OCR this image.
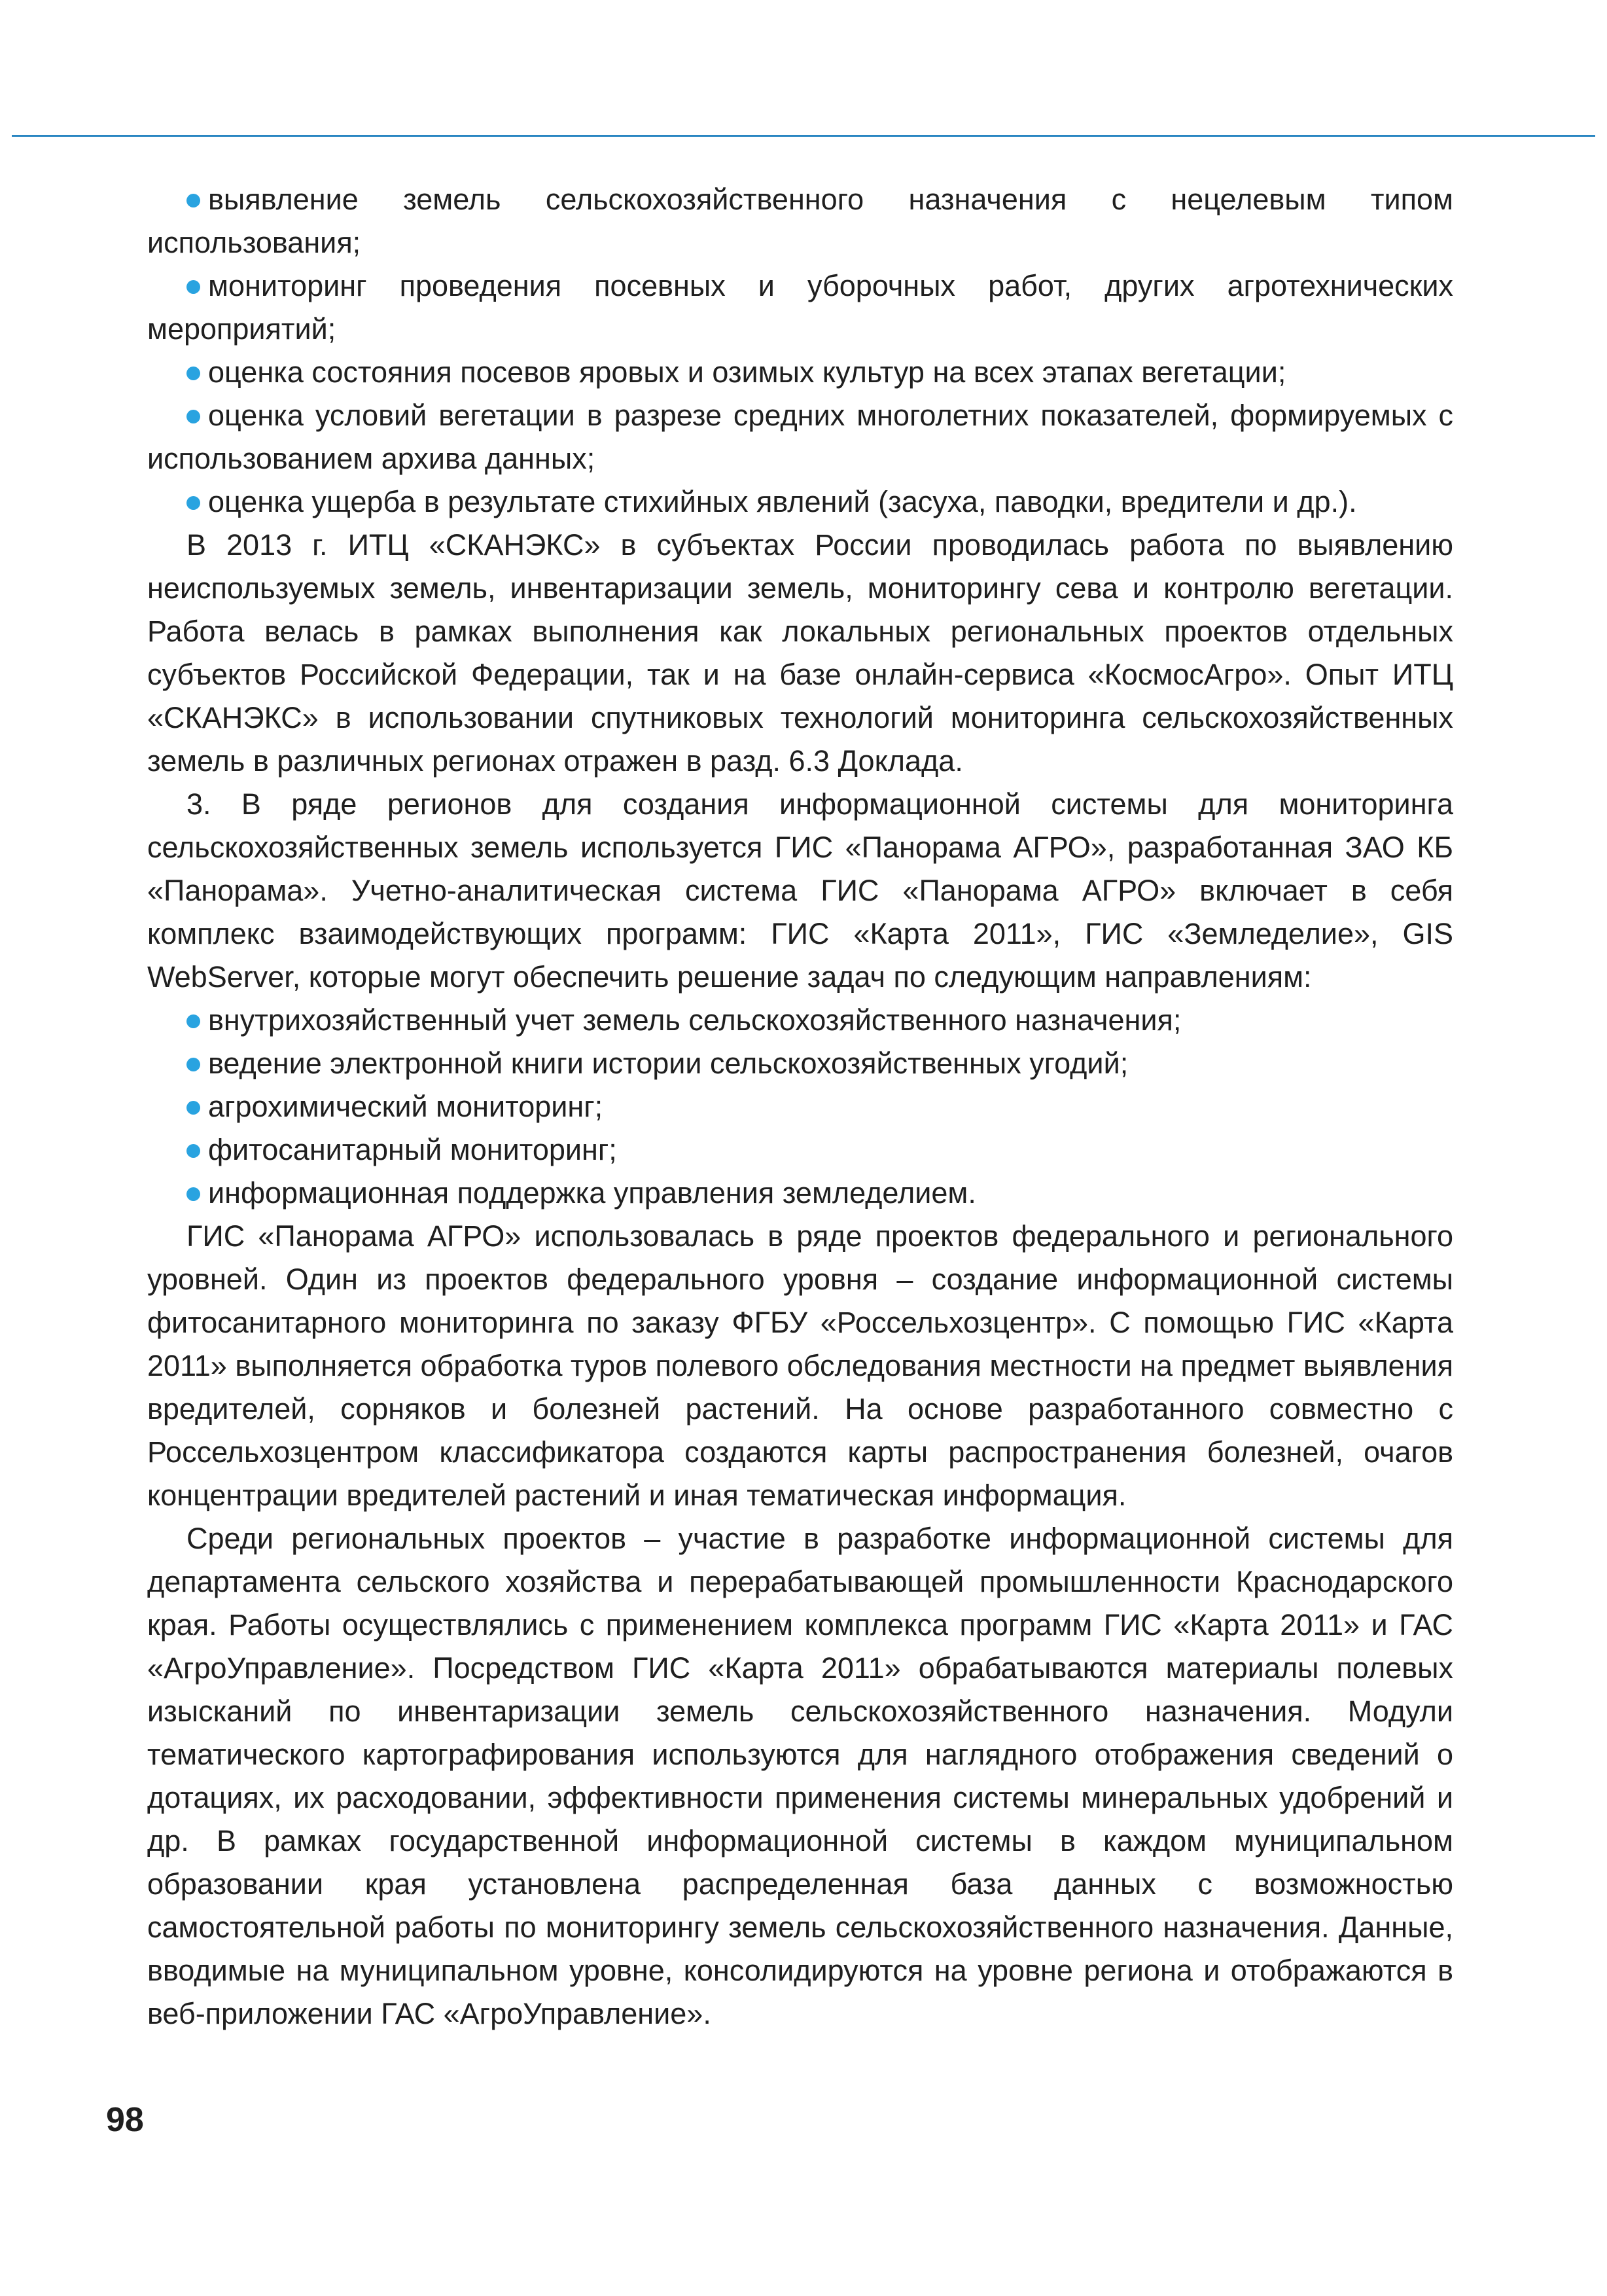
выявление земель сельскохозяйственного назначения с нецелевым типом использования;

мониторинг проведения посевных и уборочных работ, других агротехнических мероприятий;

оценка состояния посевов яровых и озимых культур на всех этапах вегетации;

оценка условий вегетации в разрезе средних многолетних показателей, формируемых с использованием архива данных;

оценка ущерба в результате стихийных явлений (засуха, паводки, вредители и др.).

В 2013 г. ИТЦ «СКАНЭКС» в субъектах России проводилась работа по выявлению неиспользуемых земель, инвентаризации земель, мониторингу сева и контролю вегетации. Работа велась в рамках выполнения как локальных региональных проектов отдельных субъектов Российской Федерации, так и на базе онлайн-сервиса «КосмосАгро». Опыт ИТЦ «СКАНЭКС» в использовании спутниковых технологий мониторинга сельскохозяйственных земель в различных регионах отражен в разд. 6.3 Доклада.

3. В ряде регионов для создания информационной системы для мониторинга сельскохозяйственных земель используется ГИС «Панорама АГРО», разработанная ЗАО КБ «Панорама». Учетно-аналитическая система ГИС «Панорама АГРО» включает в себя комплекс взаимодействующих программ: ГИС «Карта 2011», ГИС «Земледелие», GIS WebServer, которые могут обеспечить решение задач по следующим направлениям:

внутрихозяйственный учет земель сельскохозяйственного назначения;

ведение электронной книги истории сельскохозяйственных угодий;

агрохимический мониторинг;

фитосанитарный мониторинг;

информационная поддержка управления земледелием.

ГИС «Панорама АГРО» использовалась в ряде проектов федерального и регионального уровней. Один из проектов федерального уровня – создание информационной системы фитосанитарного мониторинга по заказу ФГБУ «Россельхозцентр». С помощью ГИС «Карта 2011» выполняется обработка туров полевого обследования местности на предмет выявления вредителей, сорняков и болезней растений. На основе разработанного совместно с Россельхозцентром классификатора создаются карты распространения болезней, очагов концентрации вредителей растений и иная тематическая информация.

Среди региональных проектов – участие в разработке информационной системы для департамента сельского хозяйства и перерабатывающей промышленности Краснодарского края. Работы осуществлялись с применением комплекса программ ГИС «Карта 2011» и ГАС «АгроУправление». Посредством ГИС «Карта 2011» обрабатываются материалы полевых изысканий по инвентаризации земель сельскохозяйственного назначения. Модули тематического картографирования используются для наглядного отображения сведений о дотациях, их расходовании, эффективности применения системы минеральных удобрений и др. В рамках государственной информационной системы в каждом муниципальном образовании края установлена распределенная база данных с возможностью самостоятельной работы по мониторингу земель сельскохозяйственного назначения. Данные, вводимые на муниципальном уровне, консолидируются на уровне региона и отображаются в веб-приложении ГАС «АгроУправление».

98
